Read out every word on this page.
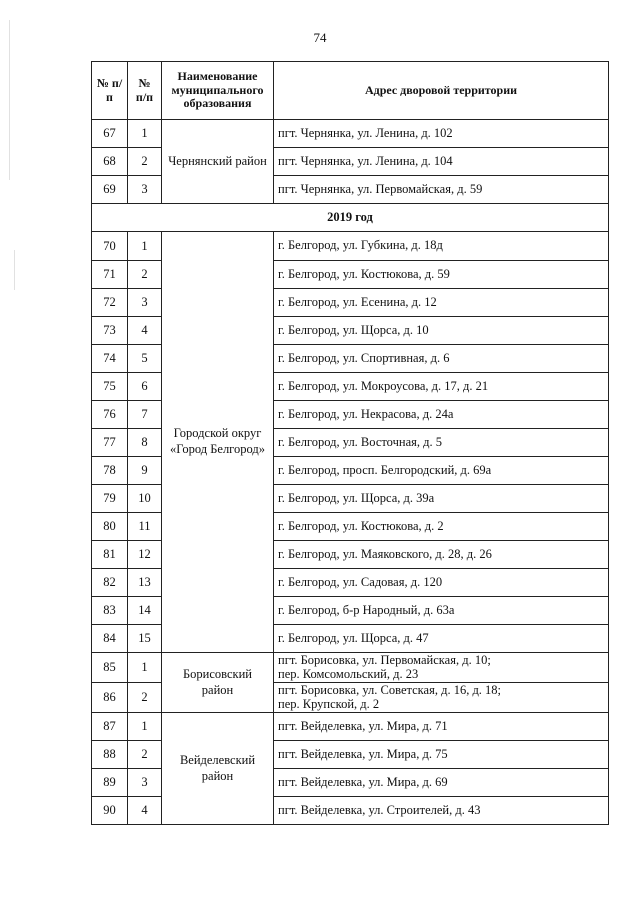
74
№ п/п	№ п/п	Наименование муниципального образования	Адрес дворовой территории
67	1	Чернянский район	пгт. Чернянка, ул. Ленина, д. 102
68	2		пгт. Чернянка, ул. Ленина, д. 104
69	3		пгт. Чернянка, ул. Первомайская, д. 59
2019 год			
70	1	Городской округ «Город Белгород»	г. Белгород, ул. Губкина, д. 18д
71	2		г. Белгород, ул. Костюкова, д. 59
72	3		г. Белгород, ул. Есенина, д. 12
73	4		г. Белгород, ул. Щорса, д. 10
74	5		г. Белгород, ул. Спортивная, д. 6
75	6		г. Белгород, ул. Мокроусова, д. 17, д. 21
76	7		г. Белгород, ул. Некрасова, д. 24а
77	8		г. Белгород, ул. Восточная, д. 5
78	9		г. Белгород, просп. Белгородский, д. 69а
79	10		г. Белгород, ул. Щорса, д. 39а
80	11		г. Белгород, ул. Костюкова, д. 2
81	12		г. Белгород, ул. Маяковского, д. 28, д. 26
82	13		г. Белгород, ул. Садовая, д. 120
83	14		г. Белгород, б-р Народный, д. 63а
84	15		г. Белгород, ул. Щорса, д. 47
85	1	Борисовский район	пгт. Борисовка, ул. Первомайская, д. 10;
пер. Комсомольский, д. 23

86	2		пгт. Борисовка, ул. Советская, д. 16, д. 18;
пер. Крупской, д. 2

87	1	Вейделевский район	пгт. Вейделевка, ул. Мира, д. 71
88	2		пгт. Вейделевка, ул. Мира, д. 75
89	3		пгт. Вейделевка, ул. Мира, д. 69
90	4		пгт. Вейделевка, ул. Строителей, д. 43
